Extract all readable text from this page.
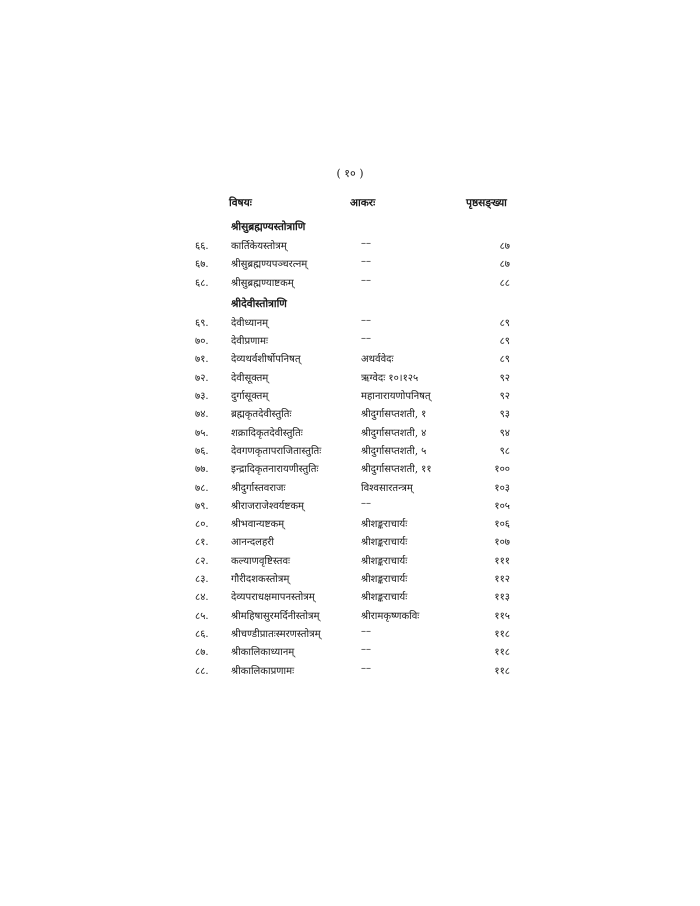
( १० )
विषयः	आकरः	पृष्ठसङ्ख्या
श्रीसुब्रह्मण्यस्तोत्राणि
६६. कार्तिकेयस्तोत्रम्	––	८७
६७. श्रीसुब्रह्मण्यपञ्चरत्नम्	––	८७
६८. श्रीसुब्रह्मण्याष्टकम्	––	८८
श्रीदेवीस्तोत्राणि
६९. देवीध्यानम्	––	८९
७०. देवीप्रणामः	––	८९
७१. देव्यथर्वशीर्षोपनिषत्	अथर्ववेदः	८९
७२. देवीसूक्तम्	ऋग्वेदः १०।१२५	९२
७३. दुर्गासूक्तम्	महानारायणोपनिषत्	९२
७४. ब्रह्मकृतदेवीस्तुतिः	श्रीदुर्गासप्तशती, १	९३
७५. शक्रादिकृतदेवीस्तुतिः	श्रीदुर्गासप्तशती, ४	९४
७६. देवगणकृतापराजितास्तुतिः	श्रीदुर्गासप्तशती, ५	९८
७७. इन्द्रादिकृतनारायणीस्तुतिः	श्रीदुर्गासप्तशती, ११	१००
७८. श्रीदुर्गास्तवराजः	विश्वसारतन्त्रम्	१०३
७९. श्रीराजराजेश्वर्यष्टकम्	––	१०५
८०. श्रीभवान्यष्टकम्	श्रीशङ्कराचार्यः	१०६
८१. आनन्दलहरी	श्रीशङ्कराचार्यः	१०७
८२. कल्याणवृष्टिस्तवः	श्रीशङ्कराचार्यः	१११
८३. गौरीदशकस्तोत्रम्	श्रीशङ्कराचार्यः	११२
८४. देव्यपराधक्षमापनस्तोत्रम्	श्रीशङ्कराचार्यः	११३
८५. श्रीमहिषासुरमर्दिनीस्तोत्रम्	श्रीरामकृष्णकविः	११५
८६. श्रीचण्डीप्रातःस्मरणस्तोत्रम्	––	११८
८७. श्रीकालिकाध्यानम्	––	११८
८८. श्रीकालिकाप्रणामः	––	११८
